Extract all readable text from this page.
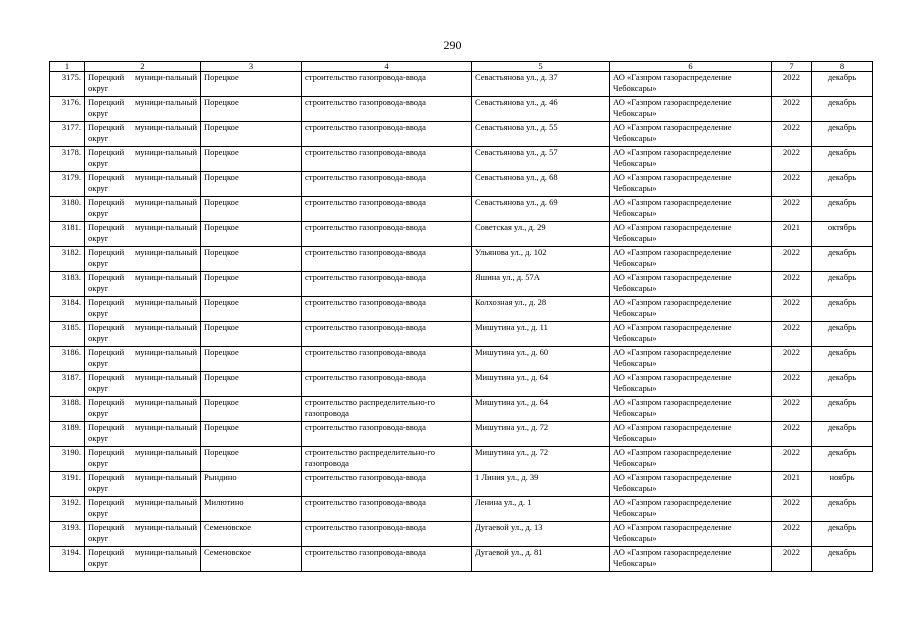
290
1	2	3	4	5	6	7	8
3175.	Порецкий муници-пальный округ	Порецкое	строительство газопровода-ввода	Севастьянова ул., д. 37	АО «Газпром газораспределение Чебоксары»	2022	декабрь
3176.	Порецкий муници-пальный округ	Порецкое	строительство газопровода-ввода	Севастьянова ул., д. 46	АО «Газпром газораспределение Чебоксары»	2022	декабрь
3177.	Порецкий муници-пальный округ	Порецкое	строительство газопровода-ввода	Севастьянова ул., д. 55	АО «Газпром газораспределение Чебоксары»	2022	декабрь
3178.	Порецкий муници-пальный округ	Порецкое	строительство газопровода-ввода	Севастьянова ул., д. 57	АО «Газпром газораспределение Чебоксары»	2022	декабрь
3179.	Порецкий муници-пальный округ	Порецкое	строительство газопровода-ввода	Севастьянова ул., д. 68	АО «Газпром газораспределение Чебоксары»	2022	декабрь
3180.	Порецкий муници-пальный округ	Порецкое	строительство газопровода-ввода	Севастьянова ул., д. 69	АО «Газпром газораспределение Чебоксары»	2022	декабрь
3181.	Порецкий муници-пальный округ	Порецкое	строительство газопровода-ввода	Советская ул., д. 29	АО «Газпром газораспределение Чебоксары»	2021	октябрь
3182.	Порецкий муници-пальный округ	Порецкое	строительство газопровода-ввода	Ульянова ул., д. 102	АО «Газпром газораспределение Чебоксары»	2022	декабрь
3183.	Порецкий муници-пальный округ	Порецкое	строительство газопровода-ввода	Яшина ул., д. 57А	АО «Газпром газораспределение Чебоксары»	2022	декабрь
3184.	Порецкий муници-пальный округ	Порецкое	строительство газопровода-ввода	Колхозная ул., д. 28	АО «Газпром газораспределение Чебоксары»	2022	декабрь
3185.	Порецкий муници-пальный округ	Порецкое	строительство газопровода-ввода	Мишутина ул., д. 11	АО «Газпром газораспределение Чебоксары»	2022	декабрь
3186.	Порецкий муници-пальный округ	Порецкое	строительство газопровода-ввода	Мишутина ул., д. 60	АО «Газпром газораспределение Чебоксары»	2022	декабрь
3187.	Порецкий муници-пальный округ	Порецкое	строительство газопровода-ввода	Мишутина ул., д. 64	АО «Газпром газораспределение Чебоксары»	2022	декабрь
3188.	Порецкий муници-пальный округ	Порецкое	строительство распределительно-го газопровода	Мишутина ул., д. 64	АО «Газпром газораспределение Чебоксары»	2022	декабрь
3189.	Порецкий муници-пальный округ	Порецкое	строительство газопровода-ввода	Мишутина ул., д. 72	АО «Газпром газораспределение Чебоксары»	2022	декабрь
3190.	Порецкий муници-пальный округ	Порецкое	строительство распределительно-го газопровода	Мишутина ул., д. 72	АО «Газпром газораспределение Чебоксары»	2022	декабрь
3191.	Порецкий муници-пальный округ	Рындино	строительство газопровода-ввода	1 Линия ул., д. 39	АО «Газпром газораспределение Чебоксары»	2021	ноябрь
3192.	Порецкий муници-пальный округ	Милютино	строительство газопровода-ввода	Ленина ул., д. 1	АО «Газпром газораспределение Чебоксары»	2022	декабрь
3193.	Порецкий муници-пальный округ	Семеновское	строительство газопровода-ввода	Дугаевой ул., д. 13	АО «Газпром газораспределение Чебоксары»	2022	декабрь
3194.	Порецкий муници-пальный округ	Семеновское	строительство газопровода-ввода	Дугаевой ул., д. 81	АО «Газпром газораспределение Чебоксары»	2022	декабрь
